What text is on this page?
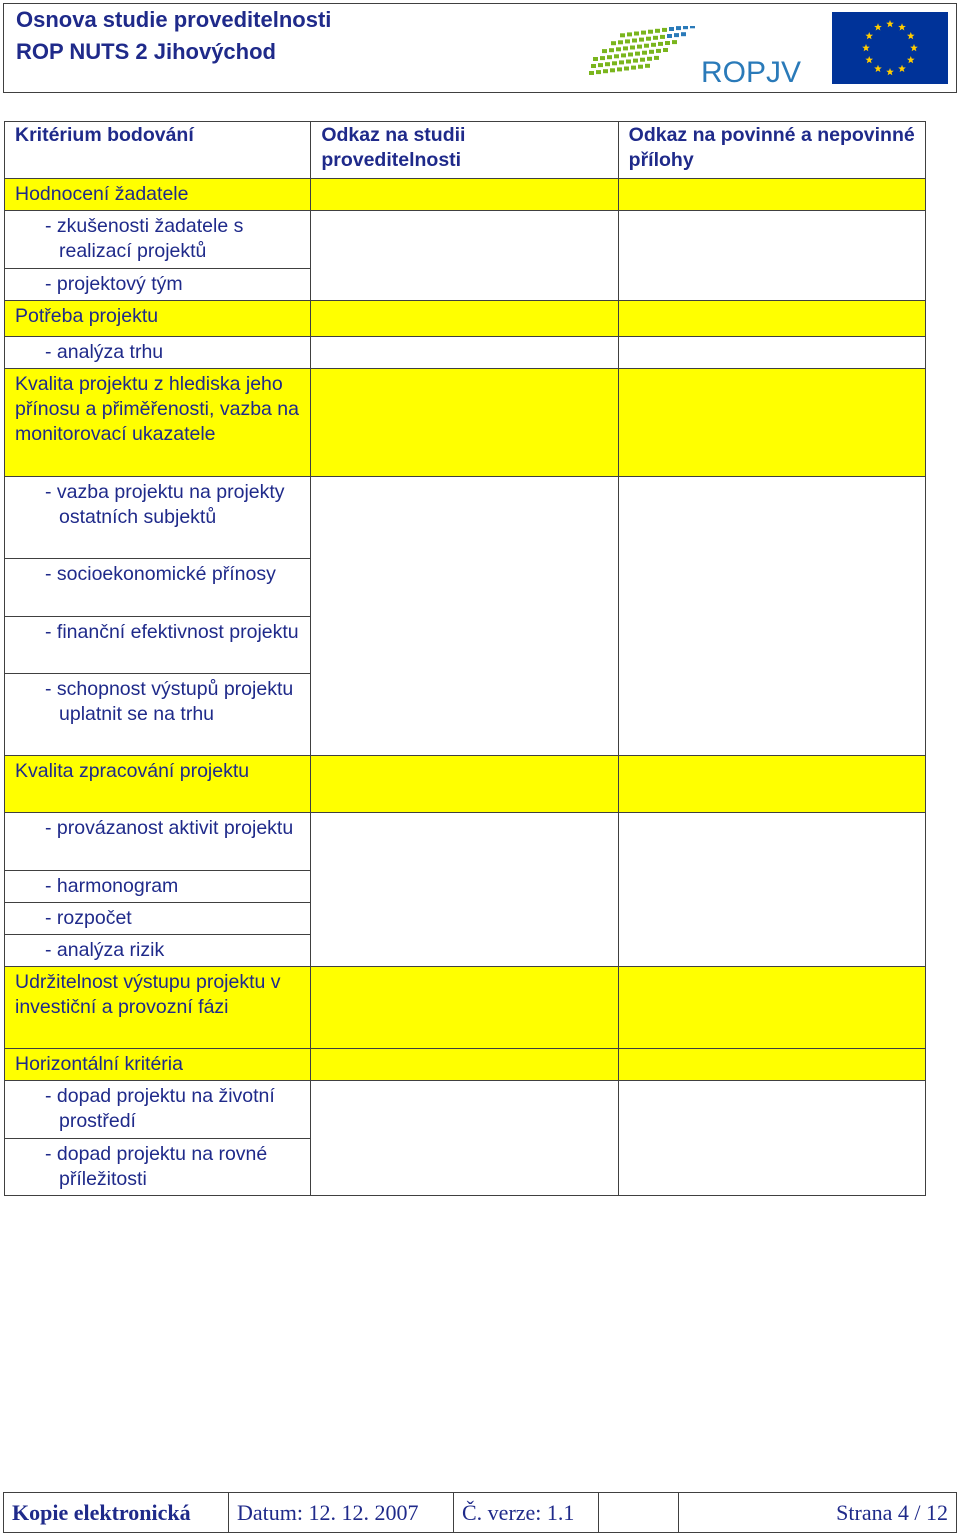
Osnova studie proveditelnosti
ROP NUTS 2 Jihovýchod
ROPJV
Kritérium bodování	Odkaz na studii proveditelnosti	Odkaz na povinné a nepovinné přílohy

Hodnocení žadatele		

- zkušenosti žadatele s realizací projektů		

- projektový tým		

Potřeba projektu		

- analýza trhu		

Kvalita projektu z hlediska jeho přínosu a přiměřenosti, vazba na monitorovací ukazatele		

- vazba projektu na projekty ostatních subjektů		

- socioekonomické přínosy		

- finanční efektivnost projektu		

- schopnost výstupů projektu uplatnit se na trhu		

Kvalita zpracování projektu		

- provázanost aktivit projektu		

- harmonogram		

- rozpočet		

- analýza rizik		

Udržitelnost výstupu projektu v investiční a provozní fázi		

Horizontální kritéria		

- dopad projektu na životní prostředí		

- dopad projektu na rovné příležitosti		
Kopie elektronická	Datum: 12. 12. 2007	Č. verze: 1.1	Strana 4 / 12
